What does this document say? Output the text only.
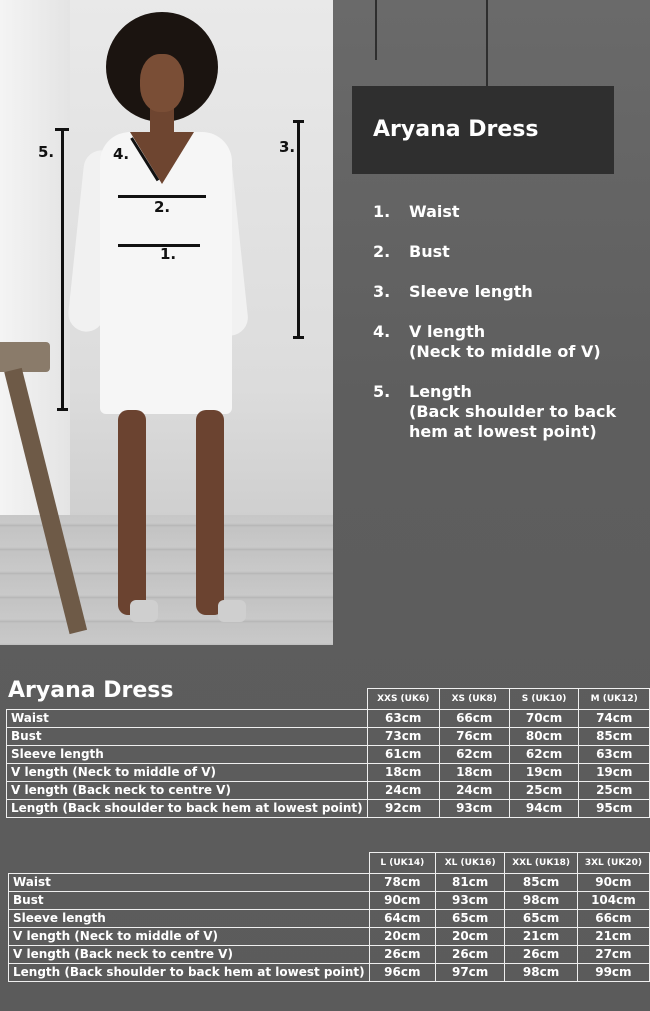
1.
2.
3.
4.
5.
Aryana Dress
1. Waist
2. Bust
3. Sleeve length
4. V length
(Neck to middle of V)
5. Length
(Back shoulder to back hem at lowest point)
Aryana Dress
		XXS (UK6)	XS (UK8)	S (UK10)	M (UK12)
Waist	63cm	66cm	70cm	74cm
Bust	73cm	76cm	80cm	85cm
Sleeve length	61cm	62cm	62cm	63cm
V length (Neck to middle of V)	18cm	18cm	19cm	19cm
V length (Back neck to centre V)	24cm	24cm	25cm	25cm
Length (Back shoulder to back hem at lowest point)	92cm	93cm	94cm	95cm
	L (UK14)	XL (UK16)	XXL (UK18)	3XL (UK20)
Waist	78cm	81cm	85cm	90cm
Bust	90cm	93cm	98cm	104cm
Sleeve length	64cm	65cm	65cm	66cm
V length (Neck to middle of V)	20cm	20cm	21cm	21cm
V length (Back neck to centre V)	26cm	26cm	26cm	27cm
Length (Back shoulder to back hem at lowest point)	96cm	97cm	98cm	99cm
